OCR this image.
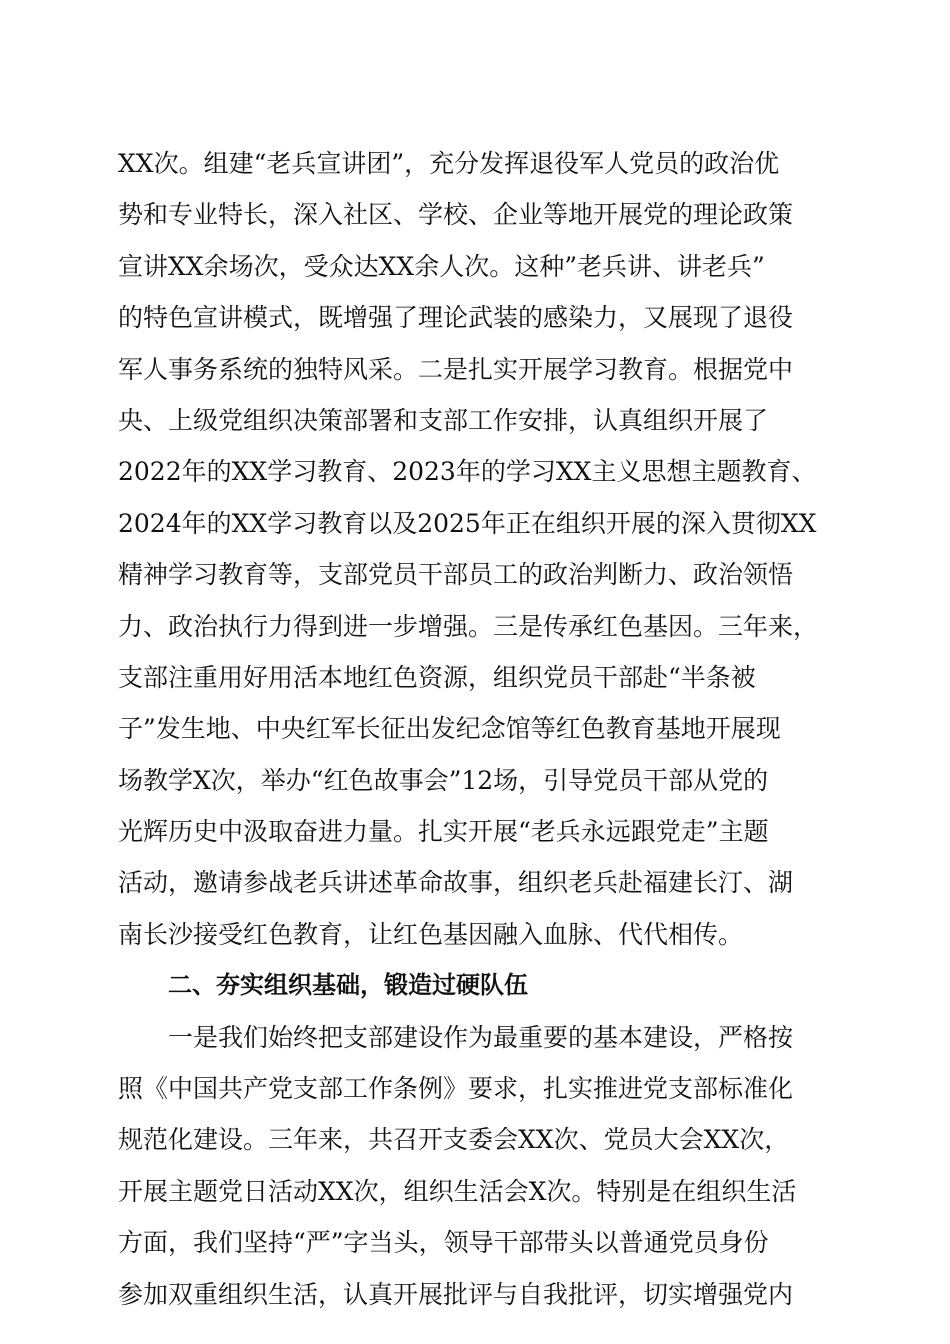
XX次。组建“老兵宣讲团”，充分发挥退役军人党员的政治优
势和专业特长，深入社区、学校、企业等地开展党的理论政策
宣讲XX余场次，受众达XX余人次。这种”老兵讲、讲老兵”
的特色宣讲模式，既增强了理论武装的感染力，又展现了退役
军人事务系统的独特风采。二是扎实开展学习教育。根据党中
央、上级党组织决策部署和支部工作安排，认真组织开展了
2022年的XX学习教育、2023年的学习XX主义思想主题教育、
2024年的XX学习教育以及2025年正在组织开展的深入贯彻XX
精神学习教育等，支部党员干部员工的政治判断力、政治领悟
力、政治执行力得到进一步增强。三是传承红色基因。三年来，
支部注重用好用活本地红色资源，组织党员干部赴“半条被
子”发生地、中央红军长征出发纪念馆等红色教育基地开展现
场教学X次，举办“红色故事会”12场，引导党员干部从党的
光辉历史中汲取奋进力量。扎实开展“老兵永远跟党走”主题
活动，邀请参战老兵讲述革命故事，组织老兵赴福建长汀、湖
南长沙接受红色教育，让红色基因融入血脉、代代相传。
二、夯实组织基础，锻造过硬队伍
一是我们始终把支部建设作为最重要的基本建设，严格按
照《中国共产党支部工作条例》要求，扎实推进党支部标准化
规范化建设。三年来，共召开支委会XX次、党员大会XX次，
开展主题党日活动XX次，组织生活会X次。特别是在组织生活
方面，我们坚持“严”字当头，领导干部带头以普通党员身份
参加双重组织生活，认真开展批评与自我批评，切实增强党内
